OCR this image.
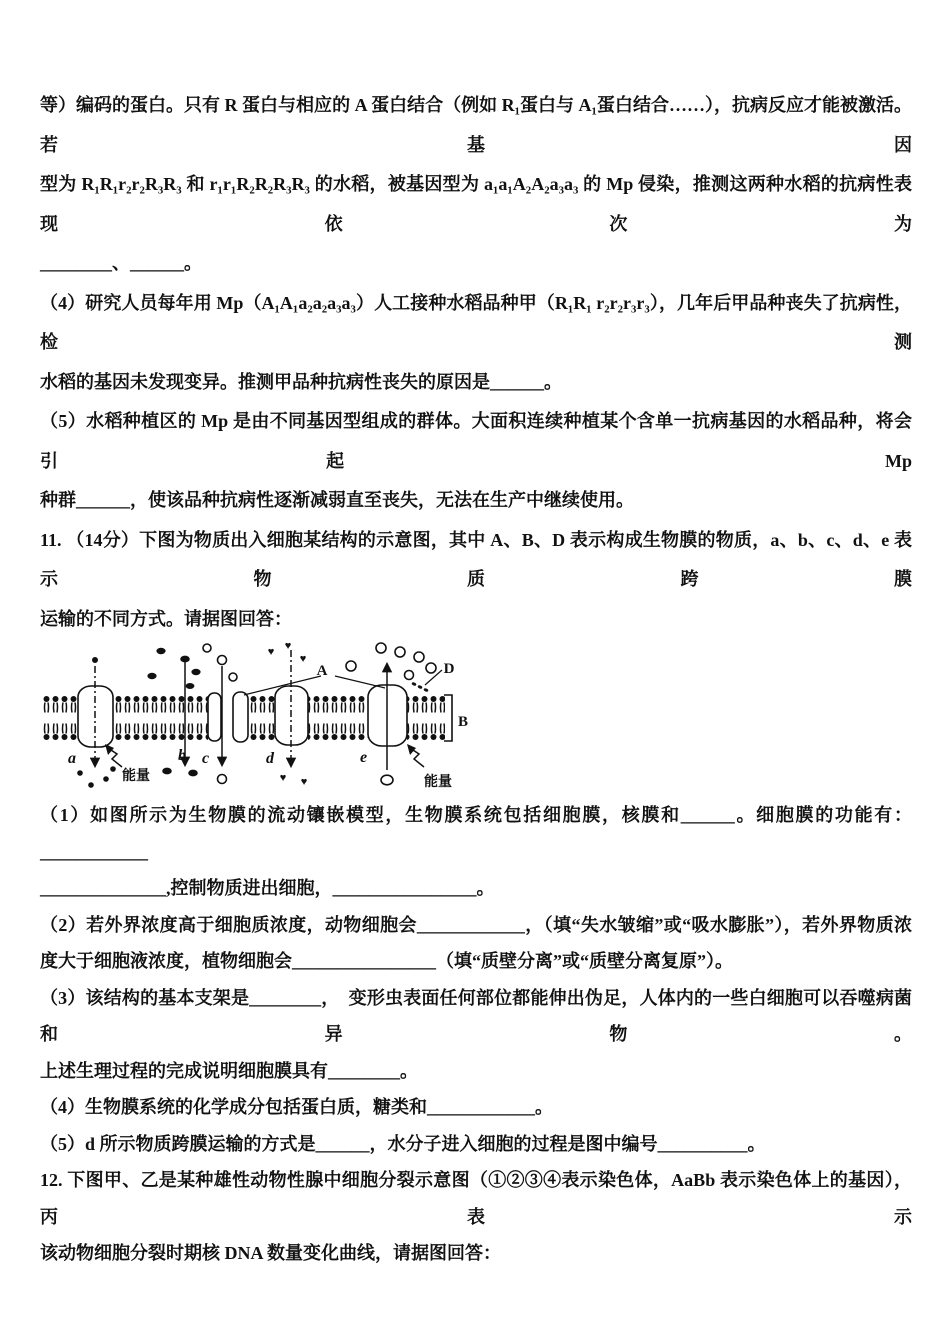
等）编码的蛋白。只有 R 蛋白与相应的 A 蛋白结合（例如 R₁蛋白与 A₁蛋白结合……），抗病反应才能被激活。若基因
型为 R₁R₁r₂r₂R₃R₃ 和 r₁r₁R₂R₂R₃R₃ 的水稻，被基因型为 a₁a₁A₂A₂a₃a₃ 的 Mp 侵染，推测这两种水稻的抗病性表现依次为
________、______。
（4）研究人员每年用 Mp（A₁A₁a₂a₂a₃a₃）人工接种水稻品种甲（R₁R₁ r₂r₂r₃r₃），几年后甲品种丧失了抗病性，检测
水稻的基因未发现变异。推测甲品种抗病性丧失的原因是______。
（5）水稻种植区的 Mp 是由不同基因型组成的群体。大面积连续种植某个含单一抗病基因的水稻品种，将会引起 Mp
种群______，使该品种抗病性逐渐减弱直至丧失，无法在生产中继续使用。
11. （14分）下图为物质出入细胞某结构的示意图，其中 A、B、D 表示构成生物膜的物质，a、b、c、d、e 表示物质跨膜
运输的不同方式。请据图回答：
♥ ♥
♥
♥ ♥
a	b c	d	e
A	D
B
能量	能量
（1）如图所示为生物膜的流动镶嵌模型，生物膜系统包括细胞膜，核膜和______。细胞膜的功能有：____________
______________,控制物质进出细胞，________________。
（2）若外界浓度高于细胞质浓度，动物细胞会____________，（填“失水皱缩”或“吸水膨胀”），若外界物质浓
度大于细胞液浓度，植物细胞会________________（填“质壁分离”或“质壁分离复原”）。
（3）该结构的基本支架是________，　变形虫表面任何部位都能伸出伪足，人体内的一些白细胞可以吞噬病菌和异物。
上述生理过程的完成说明细胞膜具有________。
（4）生物膜系统的化学成分包括蛋白质，糖类和____________。
（5）d 所示物质跨膜运输的方式是______，水分子进入细胞的过程是图中编号__________。
12. 下图甲、乙是某种雄性动物性腺中细胞分裂示意图（①②③④表示染色体，AaBb 表示染色体上的基因），丙表示
该动物细胞分裂时期核 DNA 数量变化曲线，请据图回答：
